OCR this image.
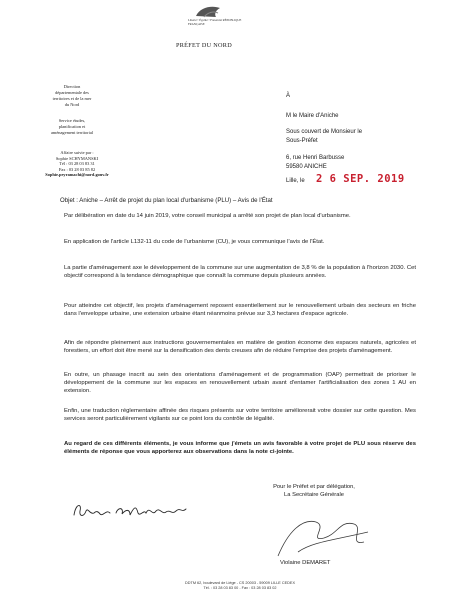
Liberté • Égalité • Fraternité RÉPUBLIQUE FRANÇAISE
PRÉFET DU NORD
Direction
départementale des
territoires et de la mer
du Nord
Service études,
planification et
aménagement territorial
Affaire suivie par :
Sophie SCHYMANSKI
Tél : 03 28 03 83 31
Fax : 03 28 03 85 82
Sophie.peyramachi@nord.gouv.fr
À
M le Maire d'Aniche
Sous couvert de Monsieur le
Sous-Préfet
6, rue Henri Barbusse
59580 ANICHE
Lille, le 2 6 SEP. 2019
Objet : Aniche – Arrêt de projet du plan local d'urbanisme (PLU) – Avis de l'État
Par délibération en date du 14 juin 2019, votre conseil municipal a arrêté son projet de plan local d'urbanisme.
En application de l'article L132-11 du code de l'urbanisme (CU), je vous communique l'avis de l'État.
La partie d'aménagement axe le développement de la commune sur une augmentation de 3,8 % de la population à l'horizon 2030. Cet objectif correspond à la tendance démographique que connaît la commune depuis plusieurs années.
Pour atteindre cet objectif, les projets d'aménagement reposent essentiellement sur le renouvellement urbain des secteurs en friche dans l'enveloppe urbaine, une extension urbaine étant néanmoins prévue sur 3,3 hectares d'espace agricole.
Afin de répondre pleinement aux instructions gouvernementales en matière de gestion économe des espaces naturels, agricoles et forestiers, un effort doit être mené sur la densification des dents creuses afin de réduire l'emprise des projets d'aménagement.
En outre, un phasage inscrit au sein des orientations d'aménagement et de programmation (OAP) permettrait de prioriser le développement de la commune sur les espaces en renouvellement urbain avant d'entamer l'artificialisation des zones 1 AU en extension.
Enfin, une traduction réglementaire affinée des risques présents sur votre territoire améliorerait votre dossier sur cette question. Mes services seront particulièrement vigilants sur ce point lors du contrôle de légalité.
Au regard de ces différents éléments, je vous informe que j'émets un avis favorable à votre projet de PLU sous réserve des éléments de réponse que vous apporterez aux observations dans la note ci-jointe.
Pour le Préfet et par délégation,
La Secrétaire Générale
Violaine DEMARET
DDTM 62, boulevard de Liège - CS 20003 - 59009 LILLE CEDEX
Tél. : 03 28 03 83 00 - Fax : 03 28 03 83 02
